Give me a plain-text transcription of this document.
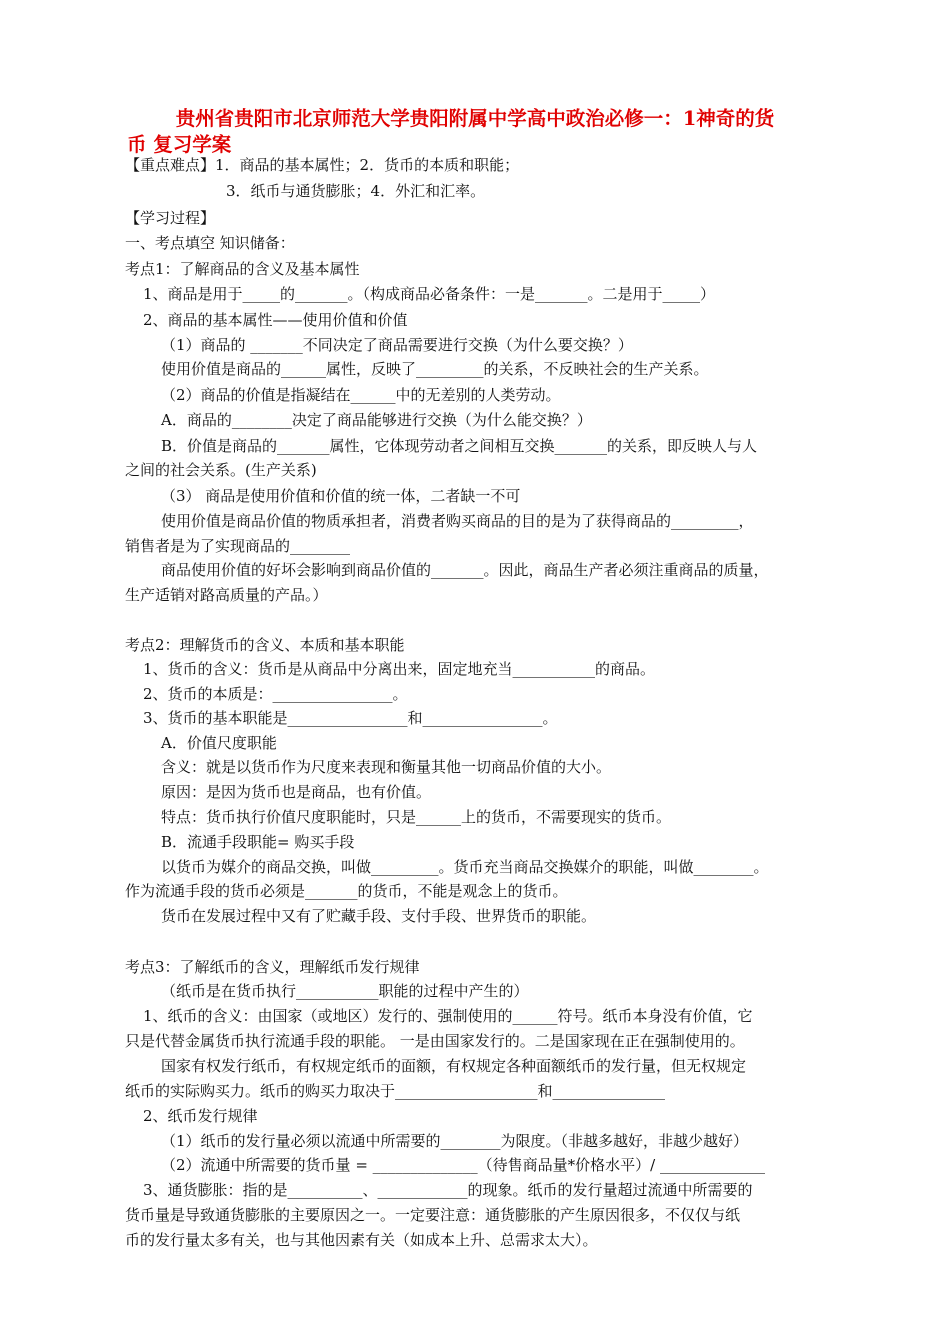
贵州省贵阳市北京师范大学贵阳附属中学高中政治必修一：1神奇的货
币 复习学案
【重点难点】1．商品的基本属性；2．货币的本质和职能；
3．纸币与通货膨胀；4．外汇和汇率。
【学习过程】
一、考点填空 知识储备：
考点1：了解商品的含义及基本属性
1、商品是用于_____的_______。（构成商品必备条件：一是_______。二是用于_____）
2、商品的基本属性——使用价值和价值
（1）商品的 _______不同决定了商品需要进行交换（为什么要交换？）
使用价值是商品的______属性，反映了_________的关系，不反映社会的生产关系。
（2）商品的价值是指凝结在______中的无差别的人类劳动。
A．商品的________决定了商品能够进行交换（为什么能交换？）
B．价值是商品的_______属性，它体现劳动者之间相互交换_______的关系，即反映人与人
之间的社会关系。(生产关系)
（3） 商品是使用价值和价值的统一体，二者缺一不可
使用价值是商品价值的物质承担者，消费者购买商品的目的是为了获得商品的_________，
销售者是为了实现商品的________
商品使用价值的好坏会影响到商品价值的_______。因此，商品生产者必须注重商品的质量，
生产适销对路高质量的产品。）
考点2：理解货币的含义、本质和基本职能
1、货币的含义：货币是从商品中分离出来，固定地充当___________的商品。
2、货币的本质是：________________。
3、货币的基本职能是________________和________________。
A．价值尺度职能
含义：就是以货币作为尺度来表现和衡量其他一切商品价值的大小。
原因：是因为货币也是商品，也有价值。
特点：货币执行价值尺度职能时，只是______上的货币，不需要现实的货币。
B．流通手段职能= 购买手段
以货币为媒介的商品交换，叫做_________。货币充当商品交换媒介的职能，叫做________。
作为流通手段的货币必须是_______的货币，不能是观念上的货币。
货币在发展过程中又有了贮藏手段、支付手段、世界货币的职能。
考点3：了解纸币的含义，理解纸币发行规律
（纸币是在货币执行___________职能的过程中产生的）
1、纸币的含义：由国家（或地区）发行的、强制使用的______符号。纸币本身没有价值，它
只是代替金属货币执行流通手段的职能。 一是由国家发行的。二是国家现在正在强制使用的。
国家有权发行纸币，有权规定纸币的面额，有权规定各种面额纸币的发行量，但无权规定
纸币的实际购买力。纸币的购买力取决于___________________和_______________
2、纸币发行规律
（1）纸币的发行量必须以流通中所需要的________为限度。（非越多越好，非越少越好）
（2）流通中所需要的货币量 = ______________（待售商品量*价格水平）/ ______________
3、通货膨胀：指的是__________、____________的现象。纸币的发行量超过流通中所需要的
货币量是导致通货膨胀的主要原因之一。一定要注意：通货膨胀的产生原因很多，不仅仅与纸
币的发行量太多有关，也与其他因素有关（如成本上升、总需求太大）。
